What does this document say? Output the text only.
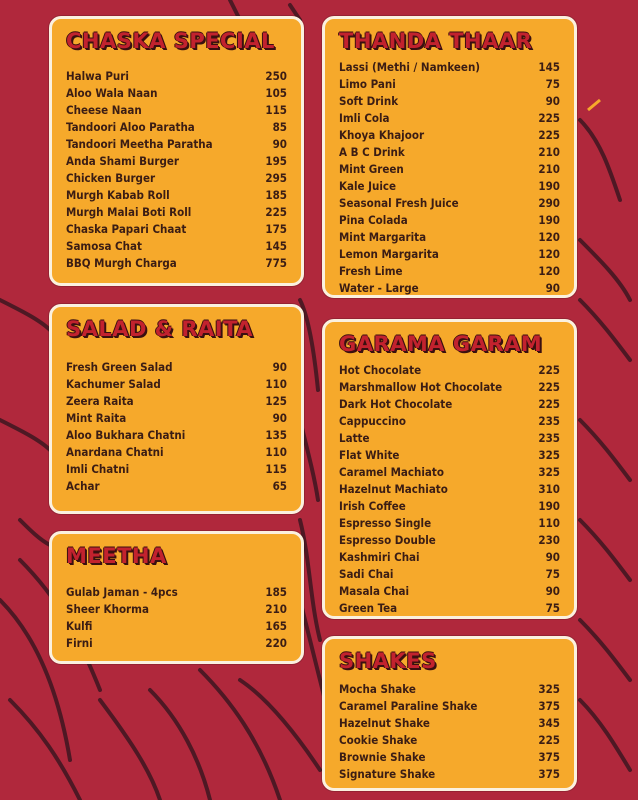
CHASKA SPECIAL
Halwa Puri	250
Aloo Wala Naan	105
Cheese Naan	115
Tandoori Aloo Paratha	85
Tandoori Meetha Paratha	90
Anda Shami Burger	195
Chicken Burger	295
Murgh Kabab Roll	185
Murgh Malai Boti Roll	225
Chaska Papari Chaat	175
Samosa Chat	145
BBQ Murgh Charga	775
SALAD & RAITA
Fresh Green Salad	90
Kachumer Salad	110
Zeera Raita	125
Mint Raita	90
Aloo Bukhara Chatni	135
Anardana Chatni	110
Imli Chatni	115
Achar	65
MEETHA
Gulab Jaman - 4pcs	185
Sheer Khorma	210
Kulfi	165
Firni	220
THANDA THAAR
Lassi (Methi / Namkeen)	145
Limo Pani	75
Soft Drink	90
Imli Cola	225
Khoya Khajoor	225
A B C Drink	210
Mint Green	210
Kale Juice	190
Seasonal Fresh Juice	290
Pina Colada	190
Mint Margarita	120
Lemon Margarita	120
Fresh Lime	120
Water - Large	90
GARAMA GARAM
Hot Chocolate	225
Marshmallow Hot Chocolate	225
Dark Hot Chocolate	225
Cappuccino	235
Latte	235
Flat White	325
Caramel Machiato	325
Hazelnut Machiato	310
Irish Coffee	190
Espresso Single	110
Espresso Double	230
Kashmiri Chai	90
Sadi Chai	75
Masala Chai	90
Green Tea	75
SHAKES
Mocha Shake	325
Caramel Paraline Shake	375
Hazelnut Shake	345
Cookie Shake	225
Brownie Shake	375
Signature Shake	375
